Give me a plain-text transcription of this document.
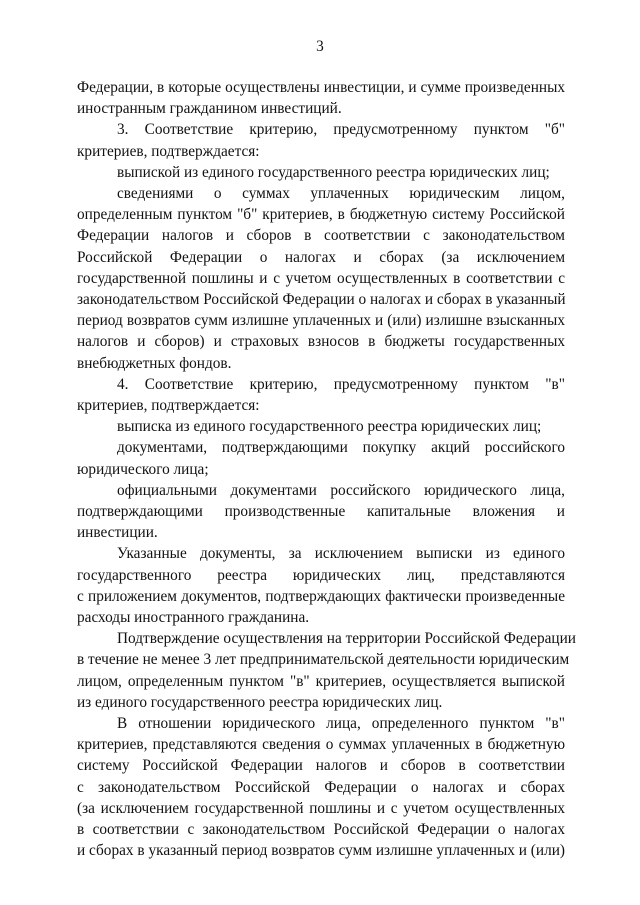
3
Федерации, в которые осуществлены инвестиции, и сумме произведенных
иностранным гражданином инвестиций.
3. Соответствие критерию, предусмотренному пунктом "б"
критериев, подтверждается:
выпиской из единого государственного реестра юридических лиц;
сведениями о суммах уплаченных юридическим лицом,
определенным пунктом "б" критериев, в бюджетную систему Российской
Федерации налогов и сборов в соответствии с законодательством
Российской Федерации о налогах и сборах (за исключением
государственной пошлины и с учетом осуществленных в соответствии с
законодательством Российской Федерации о налогах и сборах в указанный
период возвратов сумм излишне уплаченных и (или) излишне взысканных
налогов и сборов) и страховых взносов в бюджеты государственных
внебюджетных фондов.
4. Соответствие критерию, предусмотренному пунктом "в"
критериев, подтверждается:
выписка из единого государственного реестра юридических лиц;
документами, подтверждающими покупку акций российского
юридического лица;
официальными документами российского юридического лица,
подтверждающими производственные капитальные вложения и
инвестиции.
Указанные документы, за исключением выписки из единого
государственного реестра юридических лиц, представляются
с приложением документов, подтверждающих фактически произведенные
расходы иностранного гражданина.
Подтверждение осуществления на территории Российской Федерации
в течение не менее 3 лет предпринимательской деятельности юридическим
лицом, определенным пунктом "в" критериев, осуществляется выпиской
из единого государственного реестра юридических лиц.
В отношении юридического лица, определенного пунктом "в"
критериев, представляются сведения о суммах уплаченных в бюджетную
систему Российской Федерации налогов и сборов в соответствии
с законодательством Российской Федерации о налогах и сборах
(за исключением государственной пошлины и с учетом осуществленных
в соответствии с законодательством Российской Федерации о налогах
и сборах в указанный период возвратов сумм излишне уплаченных и (или)
